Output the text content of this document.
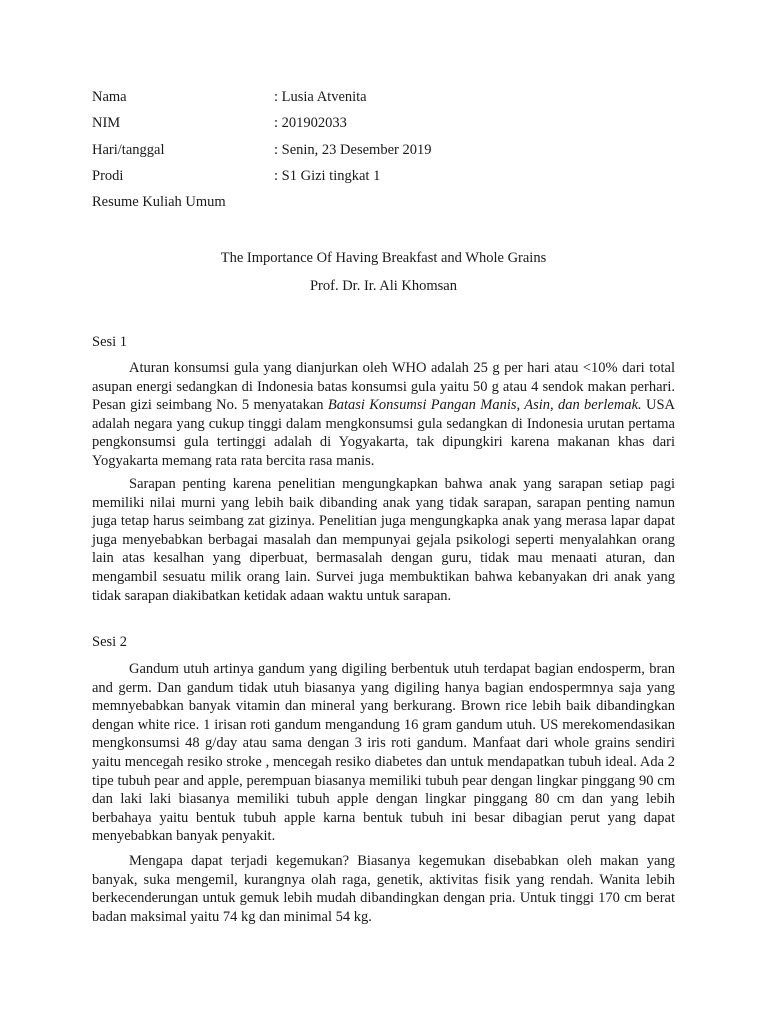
Nama	: Lusia Atvenita
NIM	: 201902033
Hari/tanggal	: Senin, 23 Desember 2019
Prodi	: S1 Gizi tingkat 1
Resume Kuliah Umum
The Importance Of Having Breakfast and Whole Grains
Prof. Dr. Ir. Ali Khomsan
Sesi 1

Aturan konsumsi gula yang dianjurkan oleh WHO adalah 25 g per hari atau <10% dari total asupan energi sedangkan di Indonesia batas konsumsi gula yaitu 50 g atau 4 sendok makan perhari. Pesan gizi seimbang No. 5 menyatakan Batasi Konsumsi Pangan Manis, Asin, dan berlemak. USA adalah negara yang cukup tinggi dalam mengkonsumsi gula sedangkan di Indonesia urutan pertama pengkonsumsi gula tertinggi adalah di Yogyakarta, tak dipungkiri karena makanan khas dari Yogyakarta memang rata rata bercita rasa manis.

Sarapan penting karena penelitian mengungkapkan bahwa anak yang sarapan setiap pagi memiliki nilai murni yang lebih baik dibanding anak yang tidak sarapan, sarapan penting namun juga tetap harus seimbang zat gizinya. Penelitian juga mengungkapka anak yang merasa lapar dapat juga menyebabkan berbagai masalah dan mempunyai gejala psikologi seperti menyalahkan orang lain atas kesalhan yang diperbuat, bermasalah dengan guru, tidak mau menaati aturan, dan mengambil sesuatu milik orang lain. Survei juga membuktikan bahwa kebanyakan dri anak yang tidak sarapan diakibatkan ketidak adaan waktu untuk sarapan.

Sesi 2

Gandum utuh artinya gandum yang digiling berbentuk utuh terdapat bagian endosperm, bran and germ. Dan gandum tidak utuh biasanya yang digiling hanya bagian endospermnya saja yang memnyebabkan banyak vitamin dan mineral yang berkurang. Brown rice lebih baik dibandingkan dengan white rice. 1 irisan roti gandum mengandung 16 gram gandum utuh. US merekomendasikan mengkonsumsi 48 g/day atau sama dengan 3 iris roti gandum. Manfaat dari whole grains sendiri yaitu mencegah resiko stroke , mencegah resiko diabetes dan untuk mendapatkan tubuh ideal. Ada 2 tipe tubuh pear and apple, perempuan biasanya memiliki tubuh pear dengan lingkar pinggang 90 cm dan laki laki biasanya memiliki tubuh apple dengan lingkar pinggang 80 cm dan yang lebih berbahaya yaitu bentuk tubuh apple karna bentuk tubuh ini besar dibagian perut yang dapat menyebabkan banyak penyakit.

Mengapa dapat terjadi kegemukan? Biasanya kegemukan disebabkan oleh makan yang banyak, suka mengemil, kurangnya olah raga, genetik, aktivitas fisik yang rendah. Wanita lebih berkecenderungan untuk gemuk lebih mudah dibandingkan dengan pria. Untuk tinggi 170 cm berat badan maksimal yaitu 74 kg dan minimal 54 kg.
